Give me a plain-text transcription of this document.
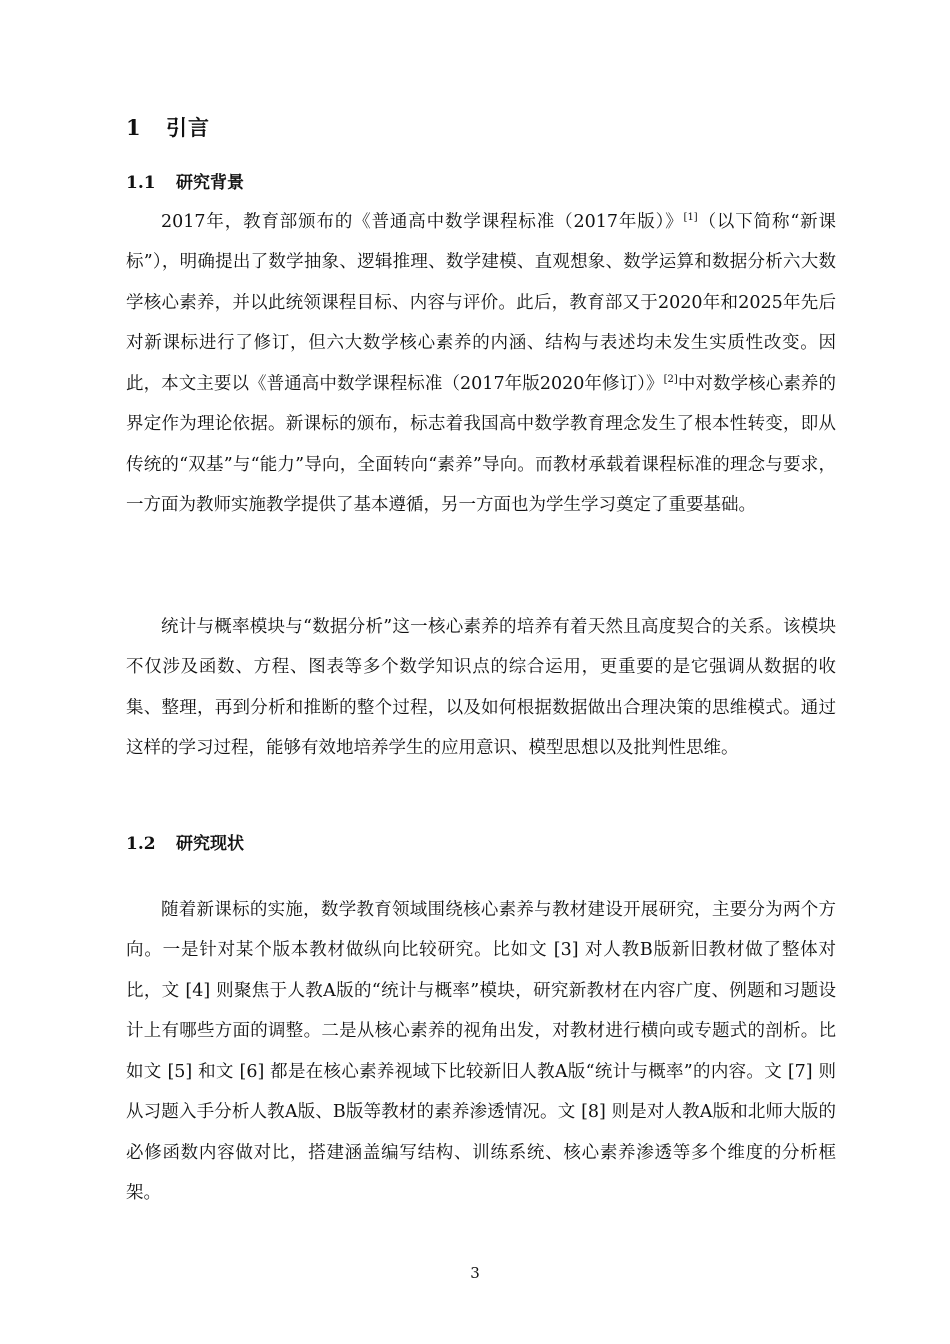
1 引言
1.1 研究背景

2017年，教育部颁布的《普通高中数学课程标准（2017年版）》[1]（以下简称“新课标”），明确提出了数学抽象、逻辑推理、数学建模、直观想象、数学运算和数据分析六大数学核心素养，并以此统领课程目标、内容与评价。此后，教育部又于2020年和2025年先后对新课标进行了修订，但六大数学核心素养的内涵、结构与表述均未发生实质性改变。因此，本文主要以《普通高中数学课程标准（2017年版2020年修订）》[2]中对数学核心素养的界定作为理论依据。新课标的颁布，标志着我国高中数学教育理念发生了根本性转变，即从传统的“双基”与“能力”导向，全面转向“素养”导向。而教材承载着课程标准的理念与要求，一方面为教师实施教学提供了基本遵循，另一方面也为学生学习奠定了重要基础。

统计与概率模块与“数据分析”这一核心素养的培养有着天然且高度契合的关系。该模块不仅涉及函数、方程、图表等多个数学知识点的综合运用，更重要的是它强调从数据的收集、整理，再到分析和推断的整个过程，以及如何根据数据做出合理决策的思维模式。通过这样的学习过程，能够有效地培养学生的应用意识、模型思想以及批判性思维。

1.2 研究现状

随着新课标的实施，数学教育领域围绕核心素养与教材建设开展研究，主要分为两个方向。一是针对某个版本教材做纵向比较研究。比如文 [3] 对人教B版新旧教材做了整体对比，文 [4] 则聚焦于人教A版的“统计与概率”模块，研究新教材在内容广度、例题和习题设计上有哪些方面的调整。二是从核心素养的视角出发，对教材进行横向或专题式的剖析。比如文 [5] 和文 [6] 都是在核心素养视域下比较新旧人教A版“统计与概率”的内容。文 [7] 则从习题入手分析人教A版、B版等教材的素养渗透情况。文 [8] 则是对人教A版和北师大版的必修函数内容做对比，搭建涵盖编写结构、训练系统、核心素养渗透等多个维度的分析框架。

3
